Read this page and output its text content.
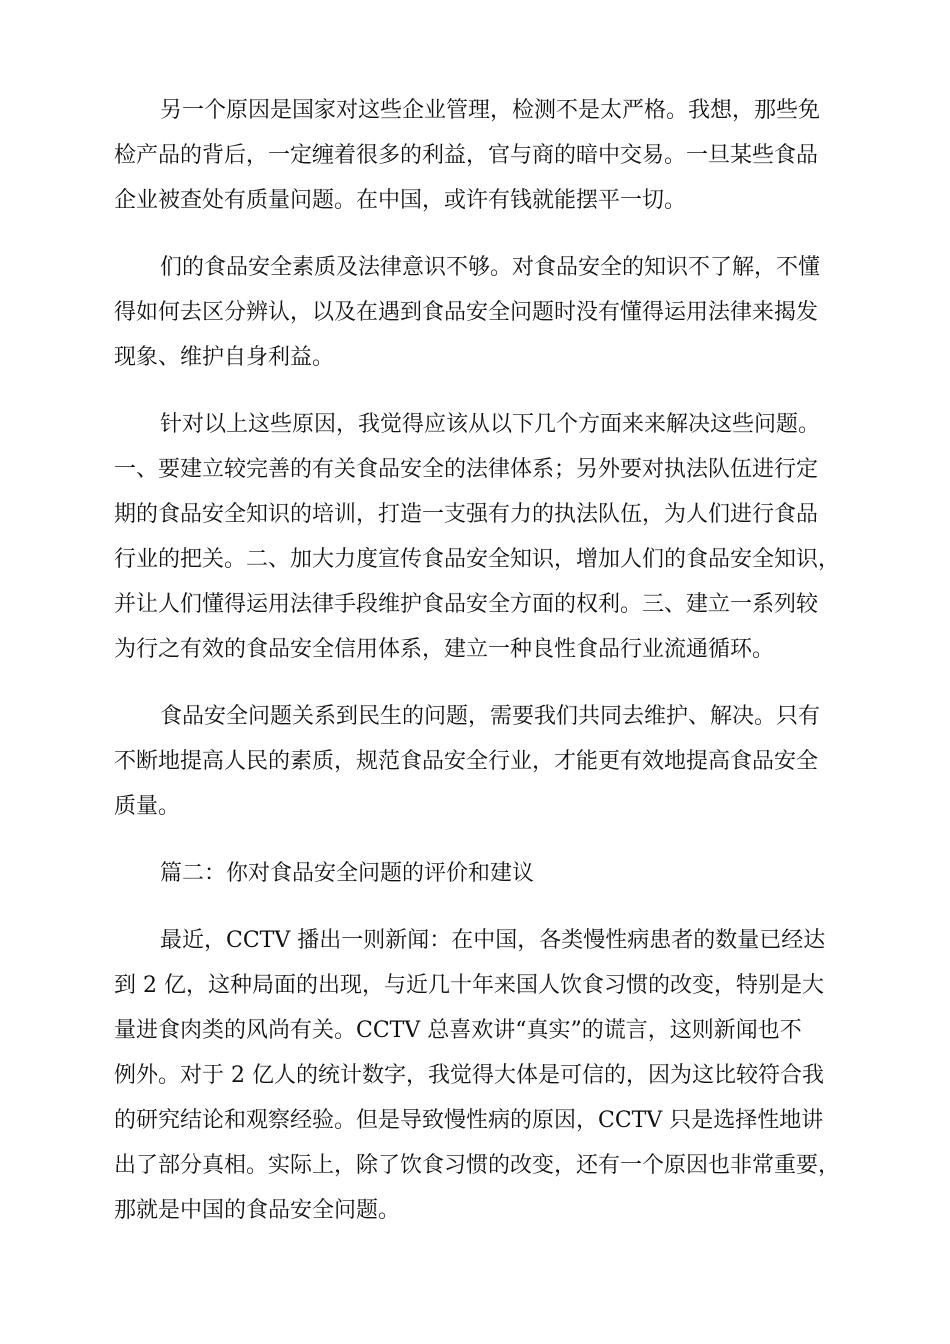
另一个原因是国家对这些企业管理，检测不是太严格。我想，那些免
检产品的背后，一定缠着很多的利益，官与商的暗中交易。一旦某些食品
企业被查处有质量问题。在中国，或许有钱就能摆平一切。
们的食品安全素质及法律意识不够。对食品安全的知识不了解，不懂
得如何去区分辨认，以及在遇到食品安全问题时没有懂得运用法律来揭发
现象、维护自身利益。
针对以上这些原因，我觉得应该从以下几个方面来来解决这些问题。
一、要建立较完善的有关食品安全的法律体系；另外要对执法队伍进行定
期的食品安全知识的培训，打造一支强有力的执法队伍，为人们进行食品
行业的把关。二、加大力度宣传食品安全知识，增加人们的食品安全知识，
并让人们懂得运用法律手段维护食品安全方面的权利。三、建立一系列较
为行之有效的食品安全信用体系，建立一种良性食品行业流通循环。
食品安全问题关系到民生的问题，需要我们共同去维护、解决。只有
不断地提高人民的素质，规范食品安全行业，才能更有效地提高食品安全
质量。
篇二：你对食品安全问题的评价和建议
最近，CCTV 播出一则新闻：在中国，各类慢性病患者的数量已经达
到 2 亿，这种局面的出现，与近几十年来国人饮食习惯的改变，特别是大
量进食肉类的风尚有关。CCTV 总喜欢讲“真实”的谎言，这则新闻也不
例外。对于 2 亿人的统计数字，我觉得大体是可信的，因为这比较符合我
的研究结论和观察经验。但是导致慢性病的原因，CCTV 只是选择性地讲
出了部分真相。实际上，除了饮食习惯的改变，还有一个原因也非常重要，
那就是中国的食品安全问题。
